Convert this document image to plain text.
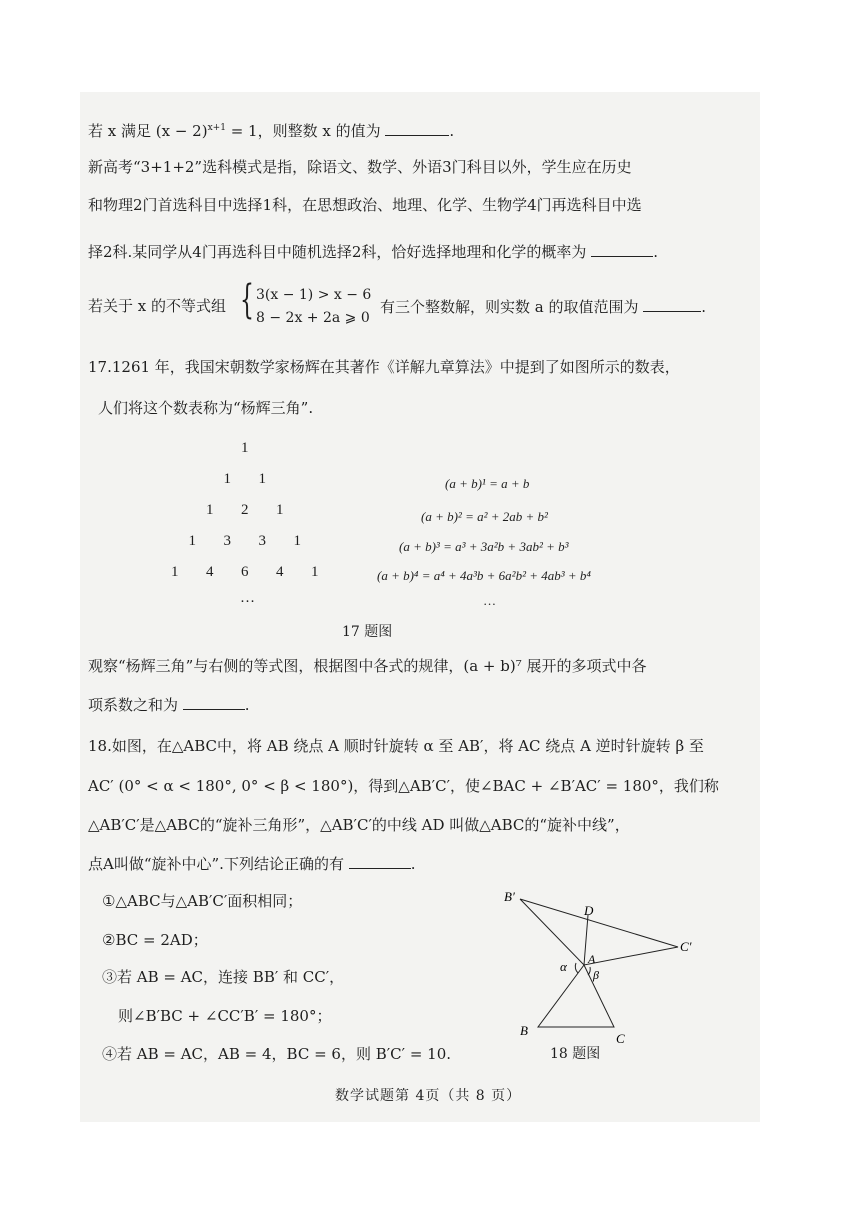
若 x 满足 $(x - 2)^{x+1} = 1$，则整数 x 的值为	.
新高考“3+1+2”选科模式是指，除语文、数学、外语3门科目以外，学生应在历史
和物理2门首选科目中选择1科，在思想政治、地理、化学、生物学4门再选科目中选
择2科.某同学从4门再选科目中随机选择2科，恰好选择地理和化学的概率为	.
若关于 x 的不等式组 { 3(x − 1) > x − 6
8 − 2x + 2a ⩾ 0
有三个整数解，则实数 a 的取值范围为	.
17.1261 年，我国宋朝数学家杨辉在其著作《详解九章算法》中提到了如图所示的数表，
人们将这个数表称为“杨辉三角”.
1
1 1
1 2 1
1 3 3 1
1 4 6 4 1
…
(a + b)¹ = a + b
(a + b)² = a² + 2ab + b²
(a + b)³ = a³ + 3a²b + 3ab² + b³
(a + b)⁴ = a⁴ + 4a³b + 6a²b² + 4ab³ + b⁴
…
17 题图
观察“杨辉三角”与右侧的等式图，根据图中各式的规律，(a + b)⁷ 展开的多项式中各
项系数之和为	.
18.如图，在△ABC中，将 AB 绕点 A 顺时针旋转 α 至 AB′，将 AC 绕点 A 逆时针旋转 β 至
AC′ (0° < α < 180°, 0° < β < 180°)，得到△AB′C′，使∠BAC + ∠B′AC′ = 180°，我们称
△AB′C′是△ABC的“旋补三角形”，△AB′C′的中线 AD 叫做△ABC的“旋补中线”，
点A叫做“旋补中心”.下列结论正确的有	.
①△ABC与△AB′C′面积相同；
②BC = 2AD；
③若 AB = AC，连接 BB′ 和 CC′，
则∠B′BC + ∠CC′B′ = 180°；
④若 AB = AC，AB = 4，BC = 6，则 B′C′ = 10.
B′
D
C′
A
α
β
B
C
18 题图
数学试题第 4页（共 8 页）
